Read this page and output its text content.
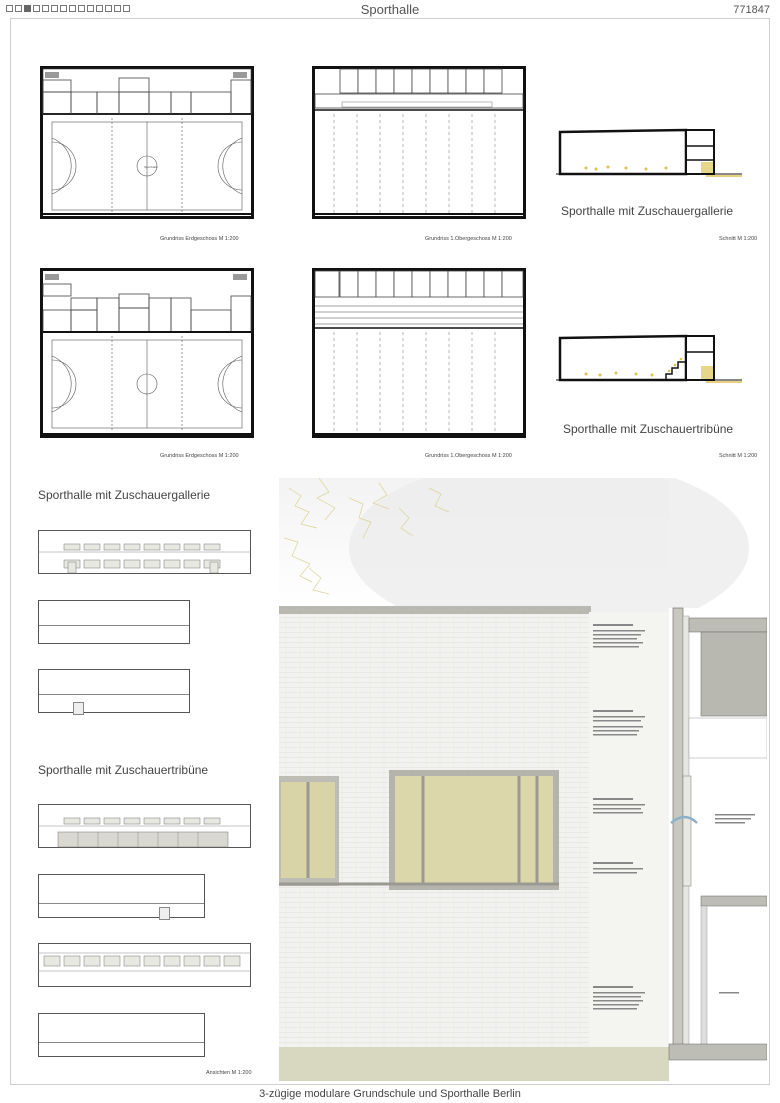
Sporthalle	771847
Sporthalle
Grundriss Erdgeschoss M 1:200	Grundriss 1.Obergeschoss M 1:200
Sporthalle mit Zuschauergallerie
Schnitt M 1:200
Grundriss Erdgeschoss M 1:200	Grundriss 1.Obergeschoss M 1:200
Sporthalle mit Zuschauertribüne
Schnitt M 1:200
Sporthalle mit Zuschauergallerie
Sporthalle mit Zuschauertribüne
Ansichten M 1:200
3-zügige modulare Grundschule und Sporthalle Berlin
